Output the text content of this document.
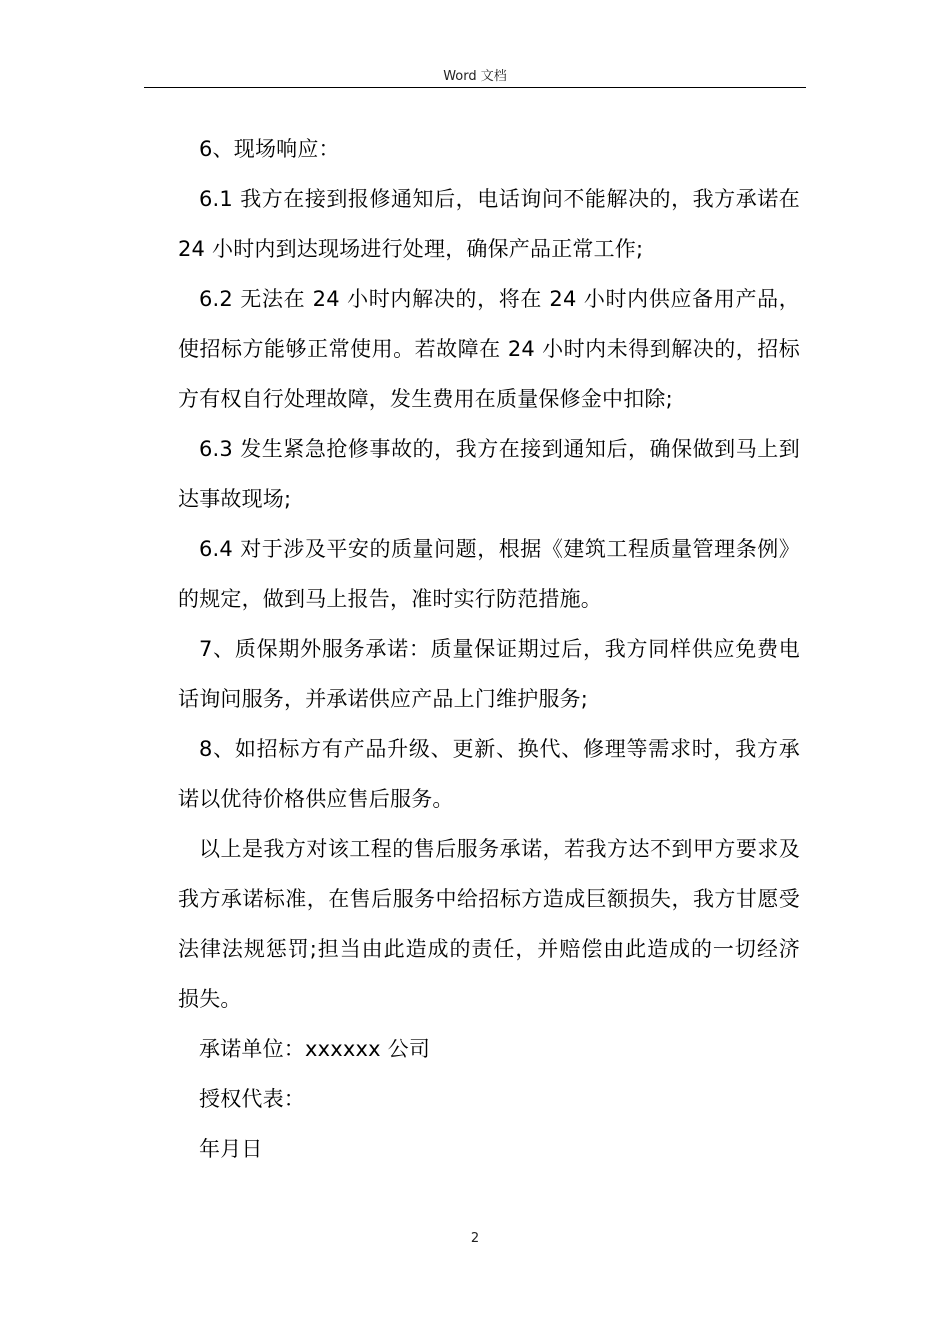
Word 文档

6、现场响应：

6.1 我方在接到报修通知后，电话询问不能解决的，我方承诺在 24 小时内到达现场进行处理，确保产品正常工作;

6.2 无法在 24 小时内解决的，将在 24 小时内供应备用产品，使招标方能够正常使用。若故障在 24 小时内未得到解决的，招标方有权自行处理故障，发生费用在质量保修金中扣除;

6.3 发生紧急抢修事故的，我方在接到通知后，确保做到马上到达事故现场;

6.4 对于涉及平安的质量问题，根据《建筑工程质量管理条例》的规定，做到马上报告，准时实行防范措施。

7、质保期外服务承诺：质量保证期过后，我方同样供应免费电话询问服务，并承诺供应产品上门维护服务;

8、如招标方有产品升级、更新、换代、修理等需求时，我方承诺以优待价格供应售后服务。

以上是我方对该工程的售后服务承诺，若我方达不到甲方要求及我方承诺标准，在售后服务中给招标方造成巨额损失，我方甘愿受法律法规惩罚;担当由此造成的责任，并赔偿由此造成的一切经济损失。

承诺单位：xxxxxx 公司

授权代表：

年月日

2
